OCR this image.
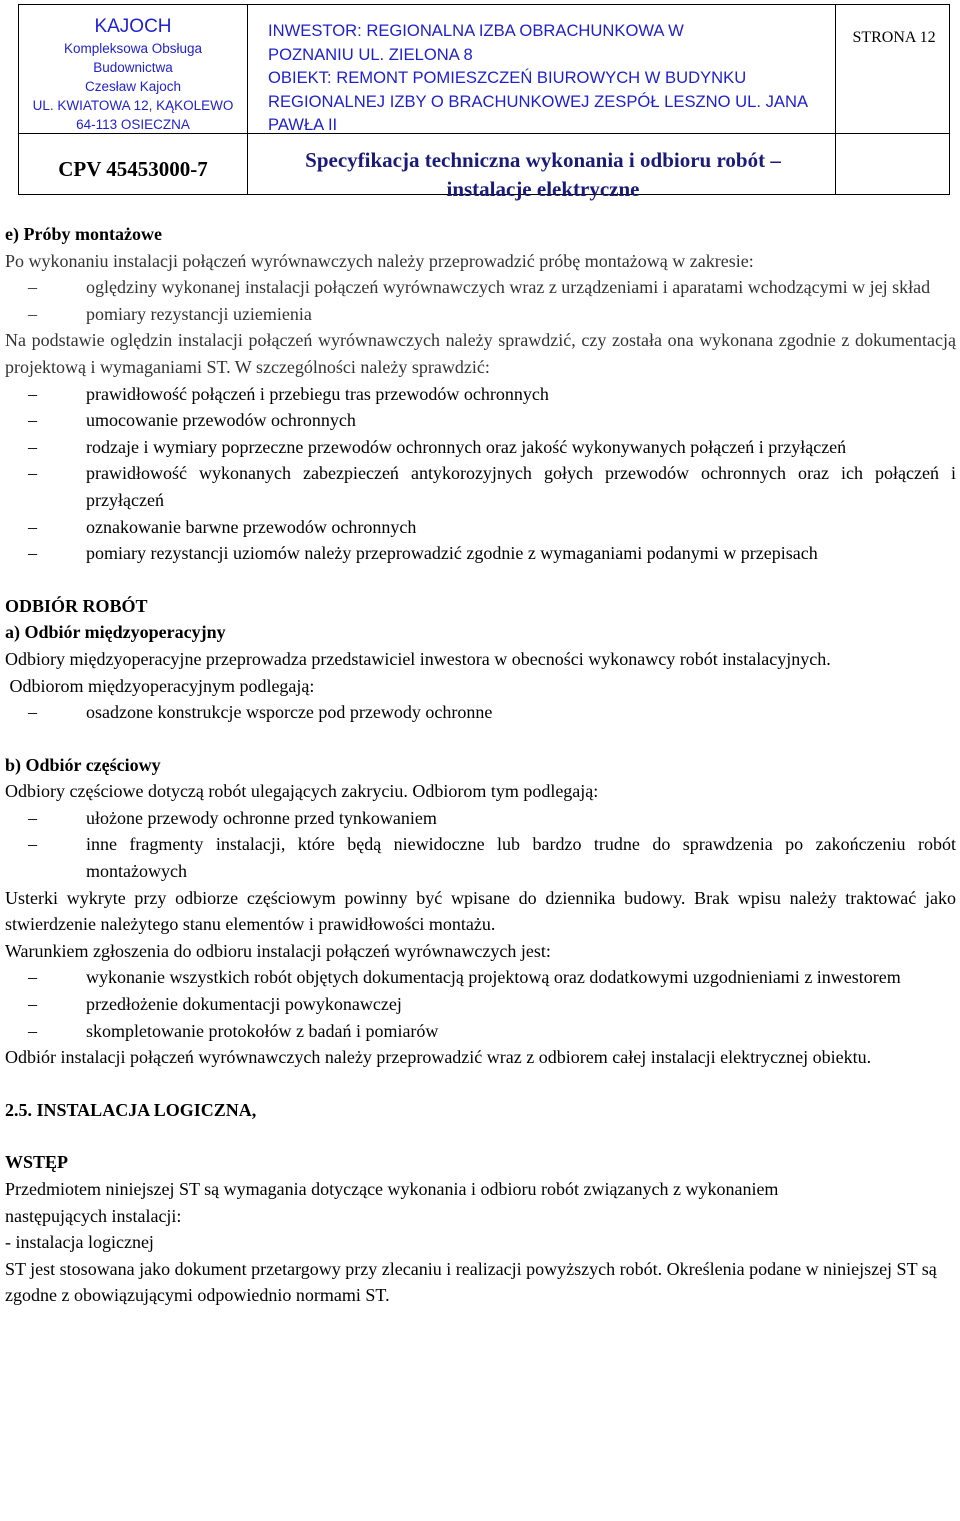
KAJOCH
Kompleksowa Obsługa
Budownictwa
Czesław Kajoch
UL. KWIATOWA 12, KĄKOLEWO
64-113 OSIECZNA
INWESTOR: REGIONALNA IZBA OBRACHUNKOWA W
POZNANIU UL. ZIELONA 8
OBIEKT: REMONT POMIESZCZEŃ BIUROWYCH W BUDYNKU
REGIONALNEJ IZBY O BRACHUNKOWEJ ZESPÓŁ LESZNO UL. JANA
PAWŁA II
STRONA 12
CPV 45453000-7	Specyfikacja techniczna wykonania i odbioru robót –
instalacje elektryczne

e) Próby montażowe

Po wykonaniu instalacji połączeń wyrównawczych należy przeprowadzić próbę montażową w zakresie:

– oględziny wykonanej instalacji połączeń wyrównawczych wraz z urządzeniami i aparatami wchodzącymi w jej skład
– pomiary rezystancji uziemienia

Na podstawie oględzin instalacji połączeń wyrównawczych należy sprawdzić, czy została ona wykonana zgodnie z dokumentacją projektową i wymaganiami ST. W szczególności należy sprawdzić:

– prawidłowość połączeń i przebiegu tras przewodów ochronnych
– umocowanie przewodów ochronnych
– rodzaje i wymiary poprzeczne przewodów ochronnych oraz jakość wykonywanych połączeń i przyłączeń
– prawidłowość wykonanych zabezpieczeń antykorozyjnych gołych przewodów ochronnych oraz ich połączeń i przyłączeń
– oznakowanie barwne przewodów ochronnych
– pomiary rezystancji uziomów należy przeprowadzić zgodnie z wymaganiami podanymi w przepisach

ODBIÓR ROBÓT

a) Odbiór międzyoperacyjny

Odbiory międzyoperacyjne przeprowadza przedstawiciel inwestora w obecności wykonawcy robót instalacyjnych.

Odbiorom międzyoperacyjnym podlegają:

– osadzone konstrukcje wsporcze pod przewody ochronne

b) Odbiór częściowy

Odbiory częściowe dotyczą robót ulegających zakryciu. Odbiorom tym podlegają:

– ułożone przewody ochronne przed tynkowaniem
– inne fragmenty instalacji, które będą niewidoczne lub bardzo trudne do sprawdzenia po zakończeniu robót montażowych

Usterki wykryte przy odbiorze częściowym powinny być wpisane do dziennika budowy. Brak wpisu należy traktować jako stwierdzenie należytego stanu elementów i prawidłowości montażu.

Warunkiem zgłoszenia do odbioru instalacji połączeń wyrównawczych jest:

– wykonanie wszystkich robót objętych dokumentacją projektową oraz dodatkowymi uzgodnieniami z inwestorem
– przedłożenie dokumentacji powykonawczej
– skompletowanie protokołów z badań i pomiarów

Odbiór instalacji połączeń wyrównawczych należy przeprowadzić wraz z odbiorem całej instalacji elektrycznej obiektu.

2.5. INSTALACJA LOGICZNA,

WSTĘP

Przedmiotem niniejszej ST są wymagania dotyczące wykonania i odbioru robót związanych z wykonaniem następujących instalacji:

- instalacja logicznej

ST jest stosowana jako dokument przetargowy przy zlecaniu i realizacji powyższych robót. Określenia podane w niniejszej ST są zgodne z obowiązującymi odpowiednio normami ST.
